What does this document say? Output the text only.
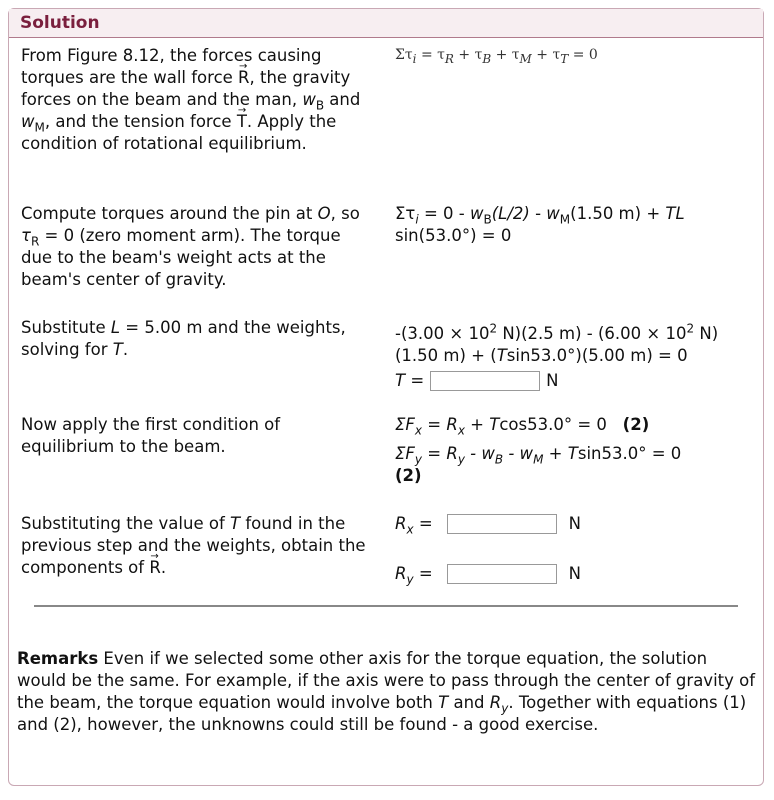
Solution
From Figure 8.12, the forces causing torques are the wall force → R, the gravity forces on the beam and the man, $w_B$ and $w_M$, and the tension force → T. Apply the condition of rotational equilibrium.
$\Sigma\tau_i = \tau_R + \tau_B + \tau_M + \tau_T = 0$
Compute torques around the pin at O, so $\tau_R = 0$ (zero moment arm). The torque due to the beam's weight acts at the beam's center of gravity.
$\Sigma\tau_i = 0 - w_B(L/2) - w_M(1.50$ m) + TL sin(53.0°) = 0
Substitute L = 5.00 m and the weights, solving for T.
$-(3.00 \times 10^2$ N)(2.5 $m) - (6.00 \times 10^2$ N)(1.50 m) + (Tsin53.0°)(5.00 m) = 0
T =	N
Now apply the first condition of equilibrium to the beam.
$\Sigma F_x = R_x + Tcos53.0^\circ = 0$ (2)
$\Sigma F_y = R_y - w_B - w_M + Tsin53.0^\circ = 0$
(2)
Substituting the value of T found in the previous step and the weights, obtain the components of → R.
$R_x$ =	N
$R_y$ =	N
Remarks Even if we selected some other axis for the torque equation, the solution would be the same. For example, if the axis were to pass through the center of gravity of the beam, the torque equation would involve both T and $R_y$. Together with equations (1) and (2), however, the unknowns could still be found - a good exercise.
